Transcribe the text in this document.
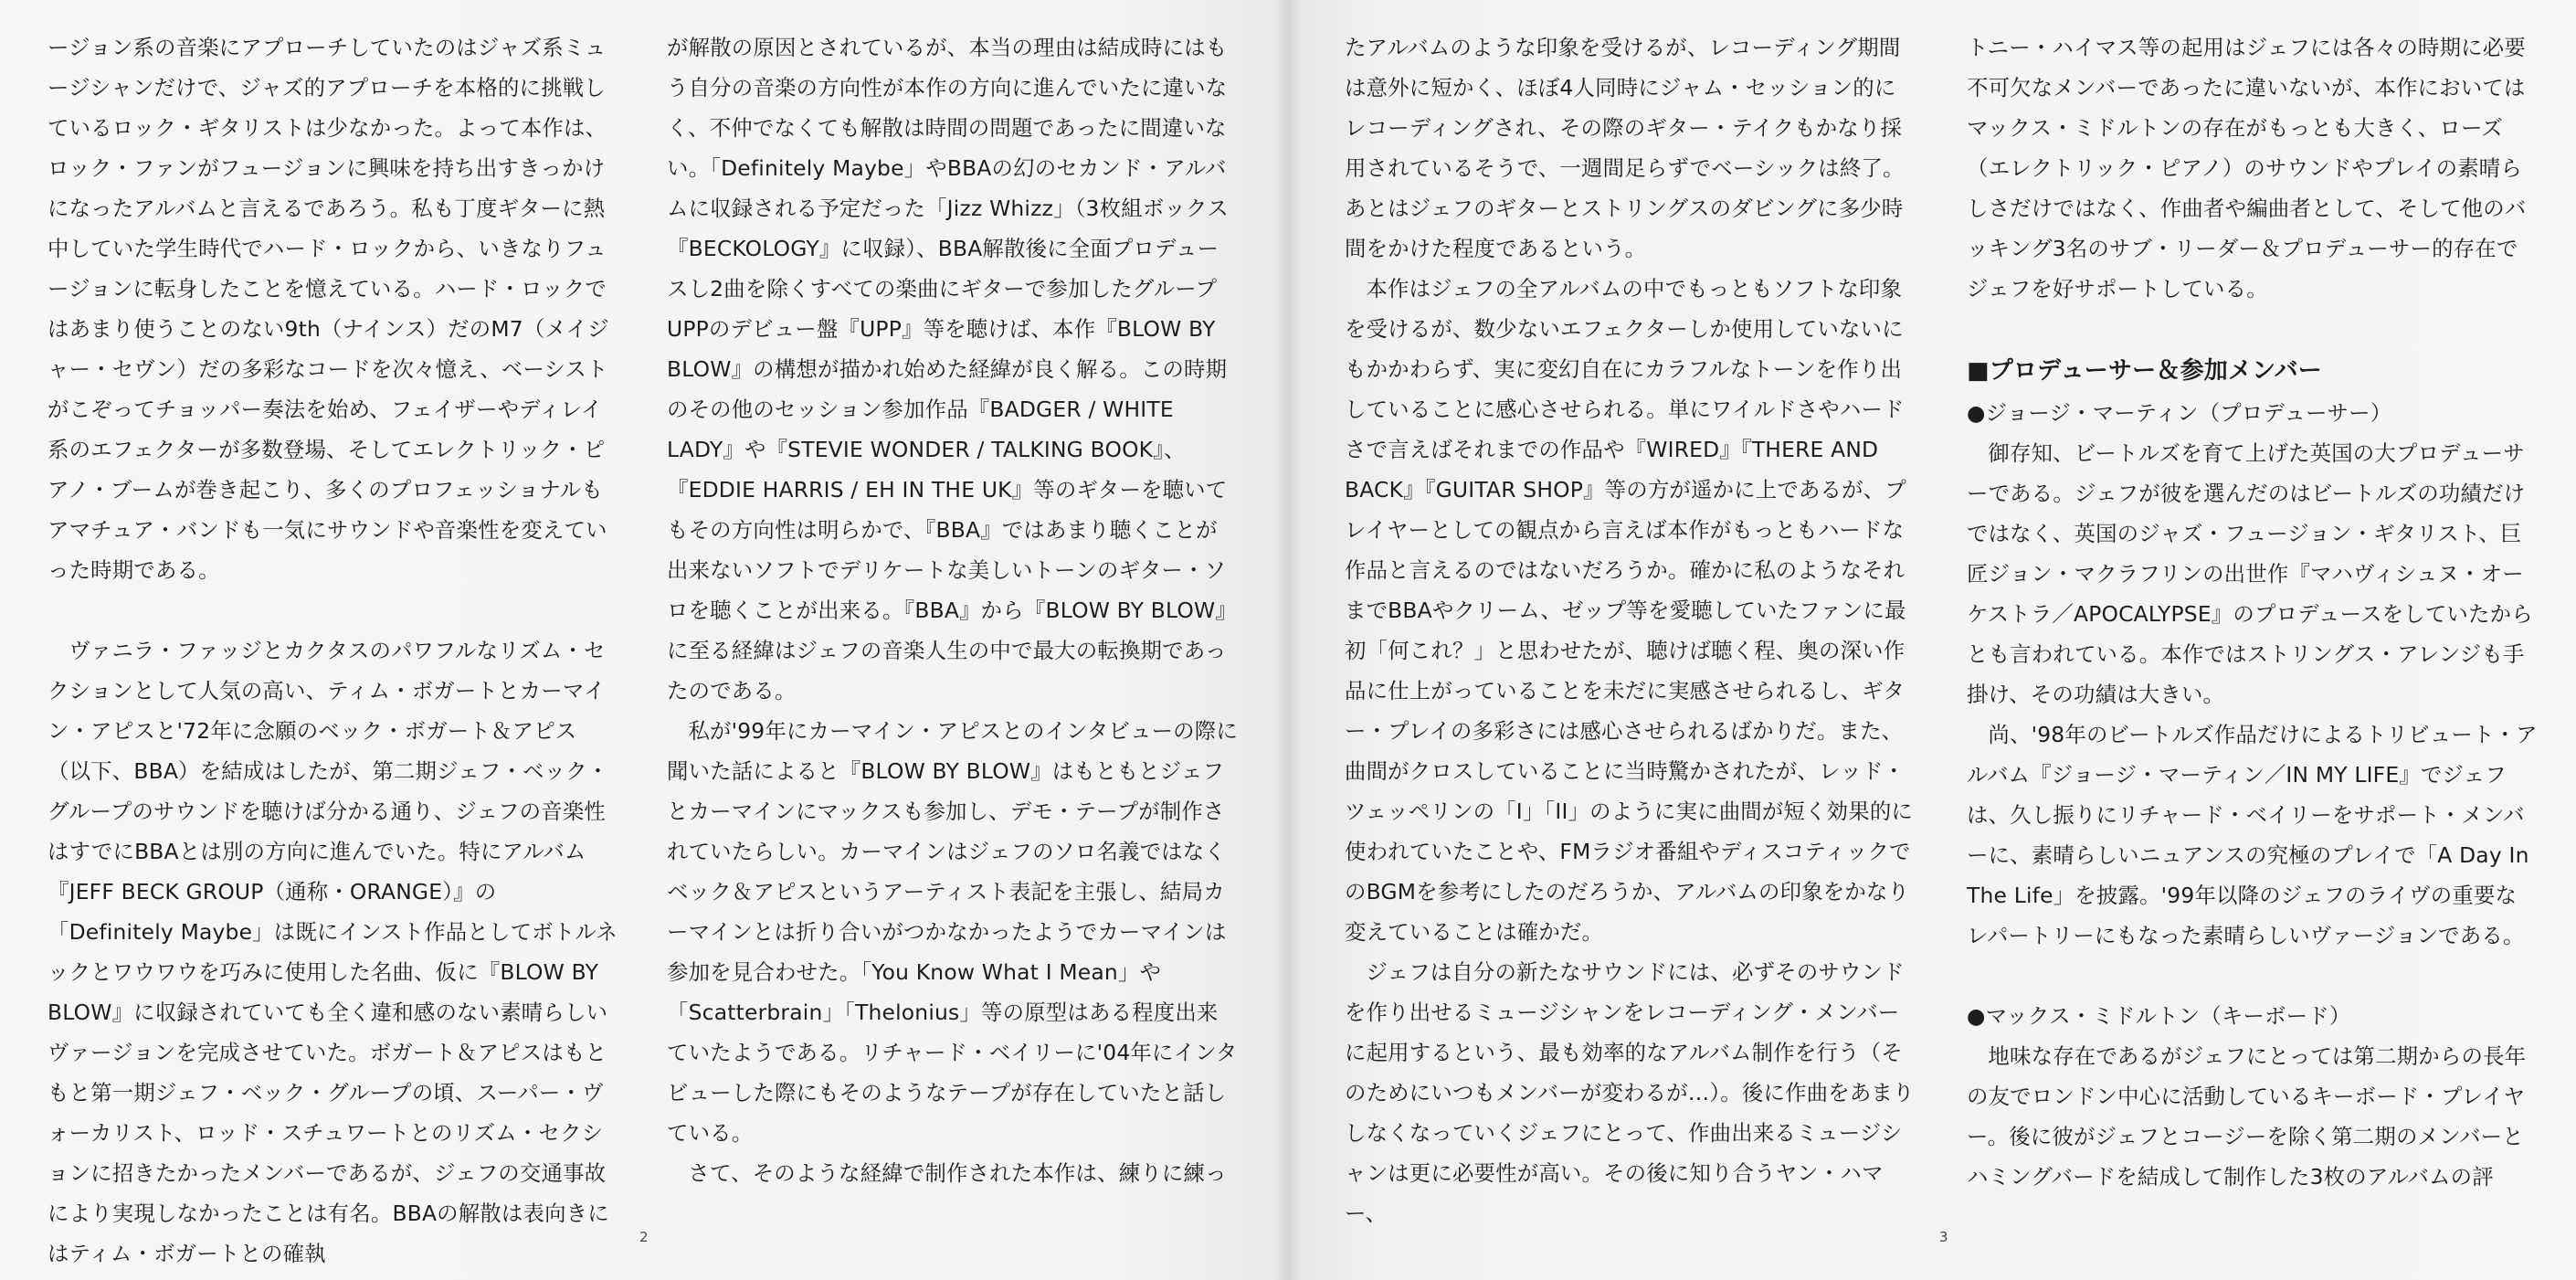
ージョン系の音楽にアプローチしていたのはジャズ系ミュージシャンだけで、ジャズ的アプローチを本格的に挑戦しているロック・ギタリストは少なかった。よって本作は、ロック・ファンがフュージョンに興味を持ち出すきっかけになったアルバムと言えるであろう。私も丁度ギターに熱中していた学生時代でハード・ロックから、いきなりフュージョンに転身したことを憶えている。ハード・ロックではあまり使うことのない9th（ナインス）だのM7（メイジャー・セヴン）だの多彩なコードを次々憶え、ベーシストがこぞってチョッパー奏法を始め、フェイザーやディレイ系のエフェクターが多数登場、そしてエレクトリック・ピアノ・ブームが巻き起こり、多くのプロフェッショナルもアマチュア・バンドも一気にサウンドや音楽性を変えていった時期である。

ヴァニラ・ファッジとカクタスのパワフルなリズム・セクションとして人気の高い、ティム・ボガートとカーマイン・アピスと'72年に念願のベック・ボガート＆アピス（以下、BBA）を結成はしたが、第二期ジェフ・ベック・グループのサウンドを聴けば分かる通り、ジェフの音楽性はすでにBBAとは別の方向に進んでいた。特にアルバム『JEFF BECK GROUP（通称・ORANGE）』の「Definitely Maybe」は既にインスト作品としてボトルネックとワウワウを巧みに使用した名曲、仮に『BLOW BY BLOW』に収録されていても全く違和感のない素晴らしいヴァージョンを完成させていた。ボガート＆アピスはもともと第一期ジェフ・ベック・グループの頃、スーパー・ヴォーカリスト、ロッド・スチュワートとのリズム・セクションに招きたかったメンバーであるが、ジェフの交通事故により実現しなかったことは有名。BBAの解散は表向きにはティム・ボガートとの確執

が解散の原因とされているが、本当の理由は結成時にはもう自分の音楽の方向性が本作の方向に進んでいたに違いなく、不仲でなくても解散は時間の問題であったに間違いない。「Definitely Maybe」やBBAの幻のセカンド・アルバムに収録される予定だった「Jizz Whizz」（3枚組ボックス『BECKOLOGY』に収録）、BBA解散後に全面プロデュースし2曲を除くすべての楽曲にギターで参加したグループUPPのデビュー盤『UPP』等を聴けば、本作『BLOW BY BLOW』の構想が描かれ始めた経緯が良く解る。この時期のその他のセッション参加作品『BADGER / WHITE LADY』や『STEVIE WONDER / TALKING BOOK』、『EDDIE HARRIS / EH IN THE UK』等のギターを聴いてもその方向性は明らかで、『BBA』ではあまり聴くことが出来ないソフトでデリケートな美しいトーンのギター・ソロを聴くことが出来る。『BBA』から『BLOW BY BLOW』に至る経緯はジェフの音楽人生の中で最大の転換期であったのである。

私が'99年にカーマイン・アピスとのインタビューの際に聞いた話によると『BLOW BY BLOW』はもともとジェフとカーマインにマックスも参加し、デモ・テープが制作されていたらしい。カーマインはジェフのソロ名義ではなくベック＆アピスというアーティスト表記を主張し、結局カーマインとは折り合いがつかなかったようでカーマインは参加を見合わせた。「You Know What I Mean」や「Scatterbrain」「Thelonius」等の原型はある程度出来ていたようである。リチャード・ベイリーに'04年にインタビューした際にもそのようなテープが存在していたと話している。

さて、そのような経緯で制作された本作は、練りに練っ

2

たアルバムのような印象を受けるが、レコーディング期間は意外に短かく、ほぼ4人同時にジャム・セッション的にレコーディングされ、その際のギター・テイクもかなり採用されているそうで、一週間足らずでベーシックは終了。あとはジェフのギターとストリングスのダビングに多少時間をかけた程度であるという。

本作はジェフの全アルバムの中でもっともソフトな印象を受けるが、数少ないエフェクターしか使用していないにもかかわらず、実に変幻自在にカラフルなトーンを作り出していることに感心させられる。単にワイルドさやハードさで言えばそれまでの作品や『WIRED』『THERE AND BACK』『GUITAR SHOP』等の方が遥かに上であるが、プレイヤーとしての観点から言えば本作がもっともハードな作品と言えるのではないだろうか。確かに私のようなそれまでBBAやクリーム、ゼップ等を愛聴していたファンに最初「何これ？」と思わせたが、聴けば聴く程、奥の深い作品に仕上がっていることを未だに実感させられるし、ギター・プレイの多彩さには感心させられるばかりだ。また、曲間がクロスしていることに当時驚かされたが、レッド・ツェッペリンの「I」「II」のように実に曲間が短く効果的に使われていたことや、FMラジオ番組やディスコティックでのBGMを参考にしたのだろうか、アルバムの印象をかなり変えていることは確かだ。

ジェフは自分の新たなサウンドには、必ずそのサウンドを作り出せるミュージシャンをレコーディング・メンバーに起用するという、最も効率的なアルバム制作を行う（そのためにいつもメンバーが変わるが…）。後に作曲をあまりしなくなっていくジェフにとって、作曲出来るミュージシャンは更に必要性が高い。その後に知り合うヤン・ハマー、

トニー・ハイマス等の起用はジェフには各々の時期に必要不可欠なメンバーであったに違いないが、本作においてはマックス・ミドルトンの存在がもっとも大きく、ローズ（エレクトリック・ピアノ）のサウンドやプレイの素晴らしさだけではなく、作曲者や編曲者として、そして他のバッキング3名のサブ・リーダー＆プロデューサー的存在でジェフを好サポートしている。

■プロデューサー＆参加メンバー
●ジョージ・マーティン（プロデューサー）

御存知、ビートルズを育て上げた英国の大プロデューサーである。ジェフが彼を選んだのはビートルズの功績だけではなく、英国のジャズ・フュージョン・ギタリスト、巨匠ジョン・マクラフリンの出世作『マハヴィシュヌ・オーケストラ／APOCALYPSE』のプロデュースをしていたからとも言われている。本作ではストリングス・アレンジも手掛け、その功績は大きい。

尚、'98年のビートルズ作品だけによるトリビュート・アルバム『ジョージ・マーティン／IN MY LIFE』でジェフは、久し振りにリチャード・ベイリーをサポート・メンバーに、素晴らしいニュアンスの究極のプレイで「A Day In The Life」を披露。'99年以降のジェフのライヴの重要なレパートリーにもなった素晴らしいヴァージョンである。

●マックス・ミドルトン（キーボード）

地味な存在であるがジェフにとっては第二期からの長年の友でロンドン中心に活動しているキーボード・プレイヤー。後に彼がジェフとコージーを除く第二期のメンバーとハミングバードを結成して制作した3枚のアルバムの評

3
